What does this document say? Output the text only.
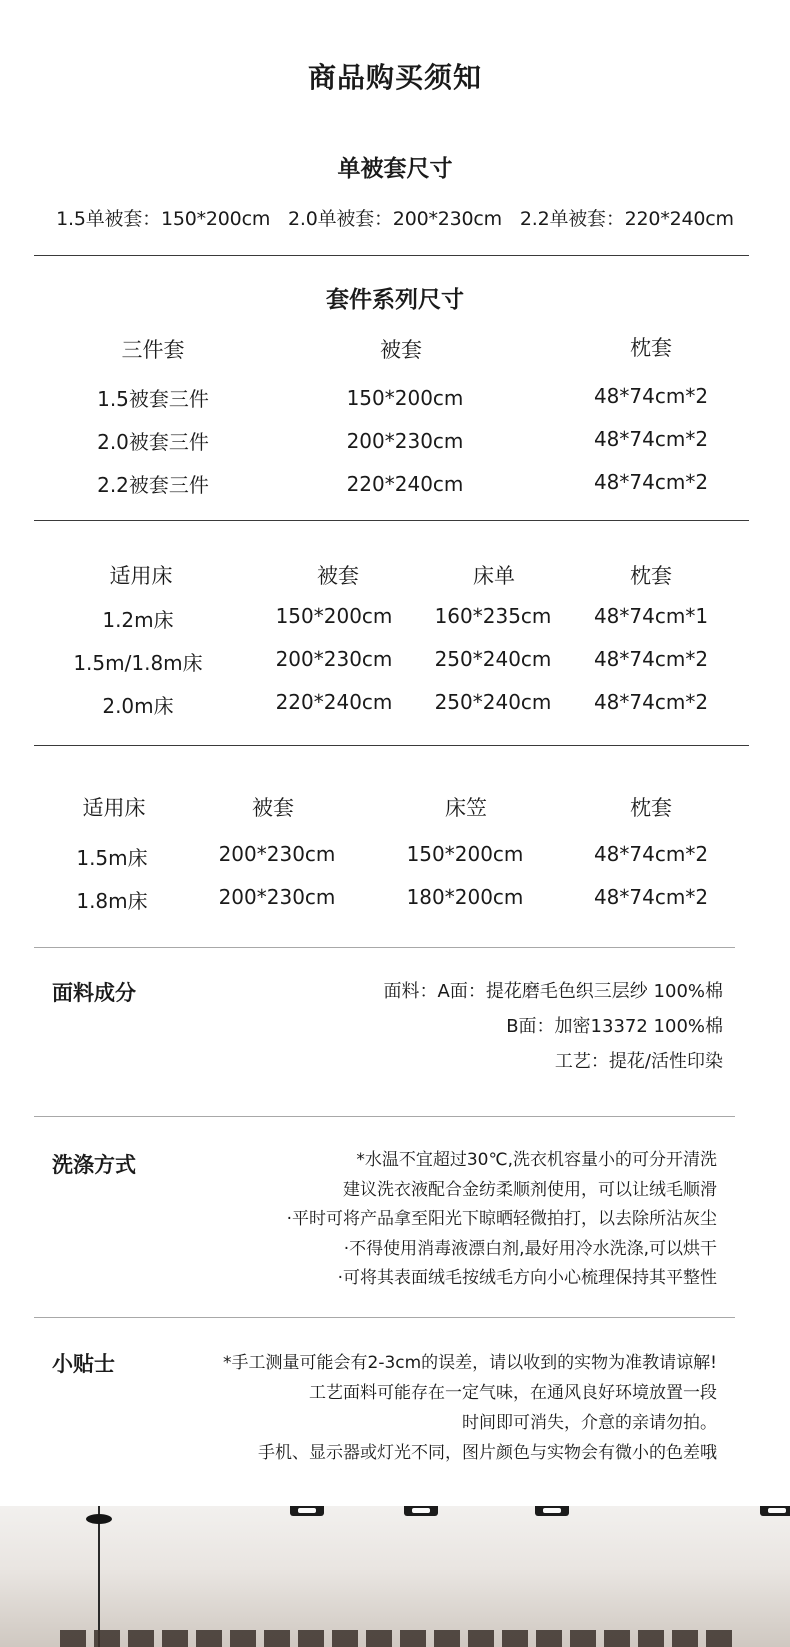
商品购买须知
单被套尺寸
1.5单被套：150*200cm 2.0单被套：200*230cm 2.2单被套：220*240cm
套件系列尺寸
三件套	被套	枕套
1.5被套三件	150*200cm	48*74cm*2
2.0被套三件	200*230cm	48*74cm*2
2.2被套三件	220*240cm	48*74cm*2
适用床	被套	床单	枕套
1.2m床	150*200cm 160*235cm 48*74cm*1
1.5m/1.8m床	200*230cm 250*240cm 48*74cm*2
2.0m床	220*240cm 250*240cm 48*74cm*2
适用床	被套	床笠	枕套
1.5m床	200*230cm	150*200cm	48*74cm*2
1.8m床	200*230cm	180*200cm	48*74cm*2
面料成分	面料：A面：提花磨毛色织三层纱 100%棉
B面：加密13372 100%棉
工艺：提花/活性印染
洗涤方式	*水温不宜超过30℃,洗衣机容量小的可分开清洗
建议洗衣液配合金纺柔顺剂使用，可以让绒毛顺滑
·平时可将产品拿至阳光下晾晒轻微拍打，以去除所沾灰尘
·不得使用消毒液漂白剂,最好用冷水洗涤,可以烘干
·可将其表面绒毛按绒毛方向小心梳理保持其平整性
小贴士	*手工测量可能会有2-3cm的误差，请以收到的实物为准教请谅解!
工艺面料可能存在一定气味，在通风良好环境放置一段
时间即可消失，介意的亲请勿拍。
手机、显示器或灯光不同，图片颜色与实物会有微小的色差哦
